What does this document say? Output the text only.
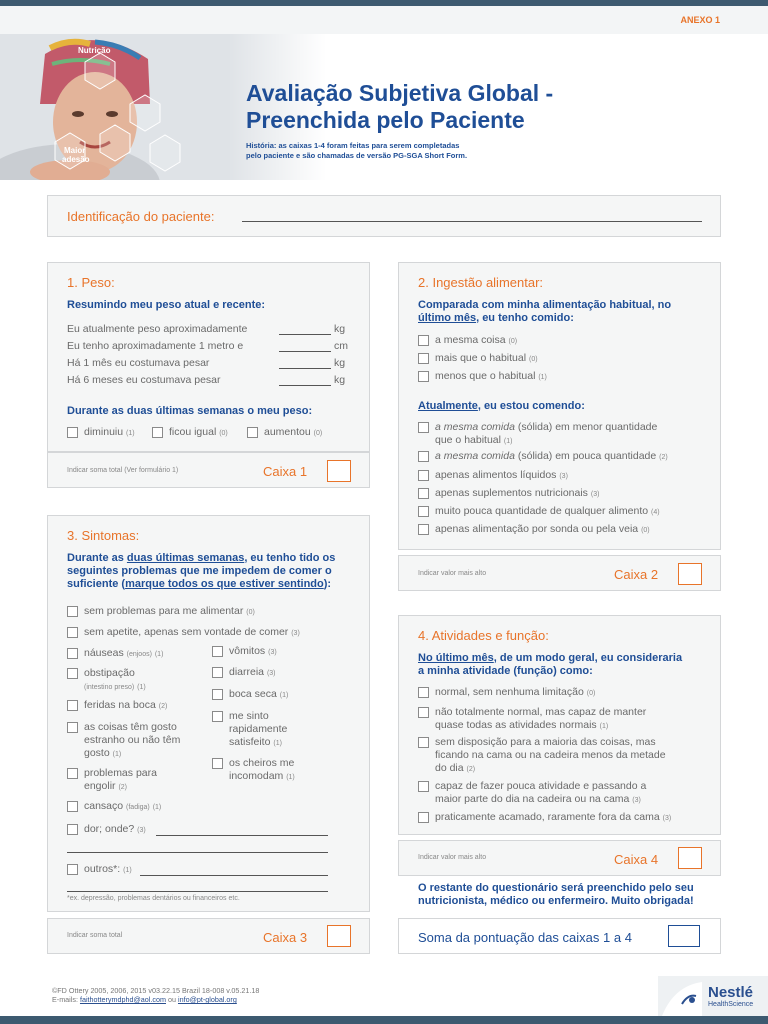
ANEXO 1
Nutrição
Maior
adesão
Avaliação Subjetiva Global -
Preenchida pelo Paciente
História: as caixas 1-4 foram feitas para serem completadas
pelo paciente e são chamadas de versão PG-SGA Short Form.
Identificação do paciente:
1. Peso:
Resumindo meu peso atual e recente:
Eu atualmente peso aproximadamente	kg
Eu tenho aproximadamente 1 metro e	cm
Há 1 mês eu costumava pesar	kg
Há 6 meses eu costumava pesar	kg
Durante as duas últimas semanas o meu peso:
diminuiu (1)	ficou igual (0)	aumentou (0)
Indicar soma total (Ver formulário 1)	Caixa 1
3. Sintomas:
Durante as duas últimas semanas, eu tenho tido os
seguintes problemas que me impedem de comer o
suficiente (marque todos os que estiver sentindo):
sem problemas para me alimentar (0)
sem apetite, apenas sem vontade de comer (3)
náuseas (enjoos) (1)
obstipação
(intestino preso) (1)
feridas na boca (2)
as coisas têm gosto estranho ou não têm gosto (1)
problemas para engolir (2)
cansaço (fadiga) (1)
vômitos (3)
diarreia (3)
boca seca (1)
me sinto rapidamente satisfeito (1)
os cheiros me incomodam (1)
dor; onde? (3)
outros*: (1)
*ex. depressão, problemas dentários ou financeiros etc.
Indicar soma total	Caixa 3
2. Ingestão alimentar:
Comparada com minha alimentação habitual, no
último mês, eu tenho comido:
a mesma coisa (0)
mais que o habitual (0)
menos que o habitual (1)
Atualmente, eu estou comendo:
a mesma comida (sólida) em menor quantidade
que o habitual (1)
a mesma comida (sólida) em pouca quantidade (2)
apenas alimentos líquidos (3)
apenas suplementos nutricionais (3)
muito pouca quantidade de qualquer alimento (4)
apenas alimentação por sonda ou pela veia (0)
Indicar valor mais alto	Caixa 2
4. Atividades e função:
No último mês, de um modo geral, eu consideraria
a minha atividade (função) como:
normal, sem nenhuma limitação (0)
não totalmente normal, mas capaz de manter
quase todas as atividades normais (1)
sem disposição para a maioria das coisas, mas
ficando na cama ou na cadeira menos da metade
do dia (2)
capaz de fazer pouca atividade e passando a
maior parte do dia na cadeira ou na cama (3)
praticamente acamado, raramente fora da cama (3)
Indicar valor mais alto	Caixa 4
O restante do questionário será preenchido pelo seu
nutricionista, médico ou enfermeiro. Muito obrigada!
Soma da pontuação das caixas 1 a 4
©FD Ottery 2005, 2006, 2015 v03.22.15 Brazil 18-008 v.05.21.18
E-mails: faithotterymdphd@aol.com ou info@pt-global.org	Nestlé
HealthScience
